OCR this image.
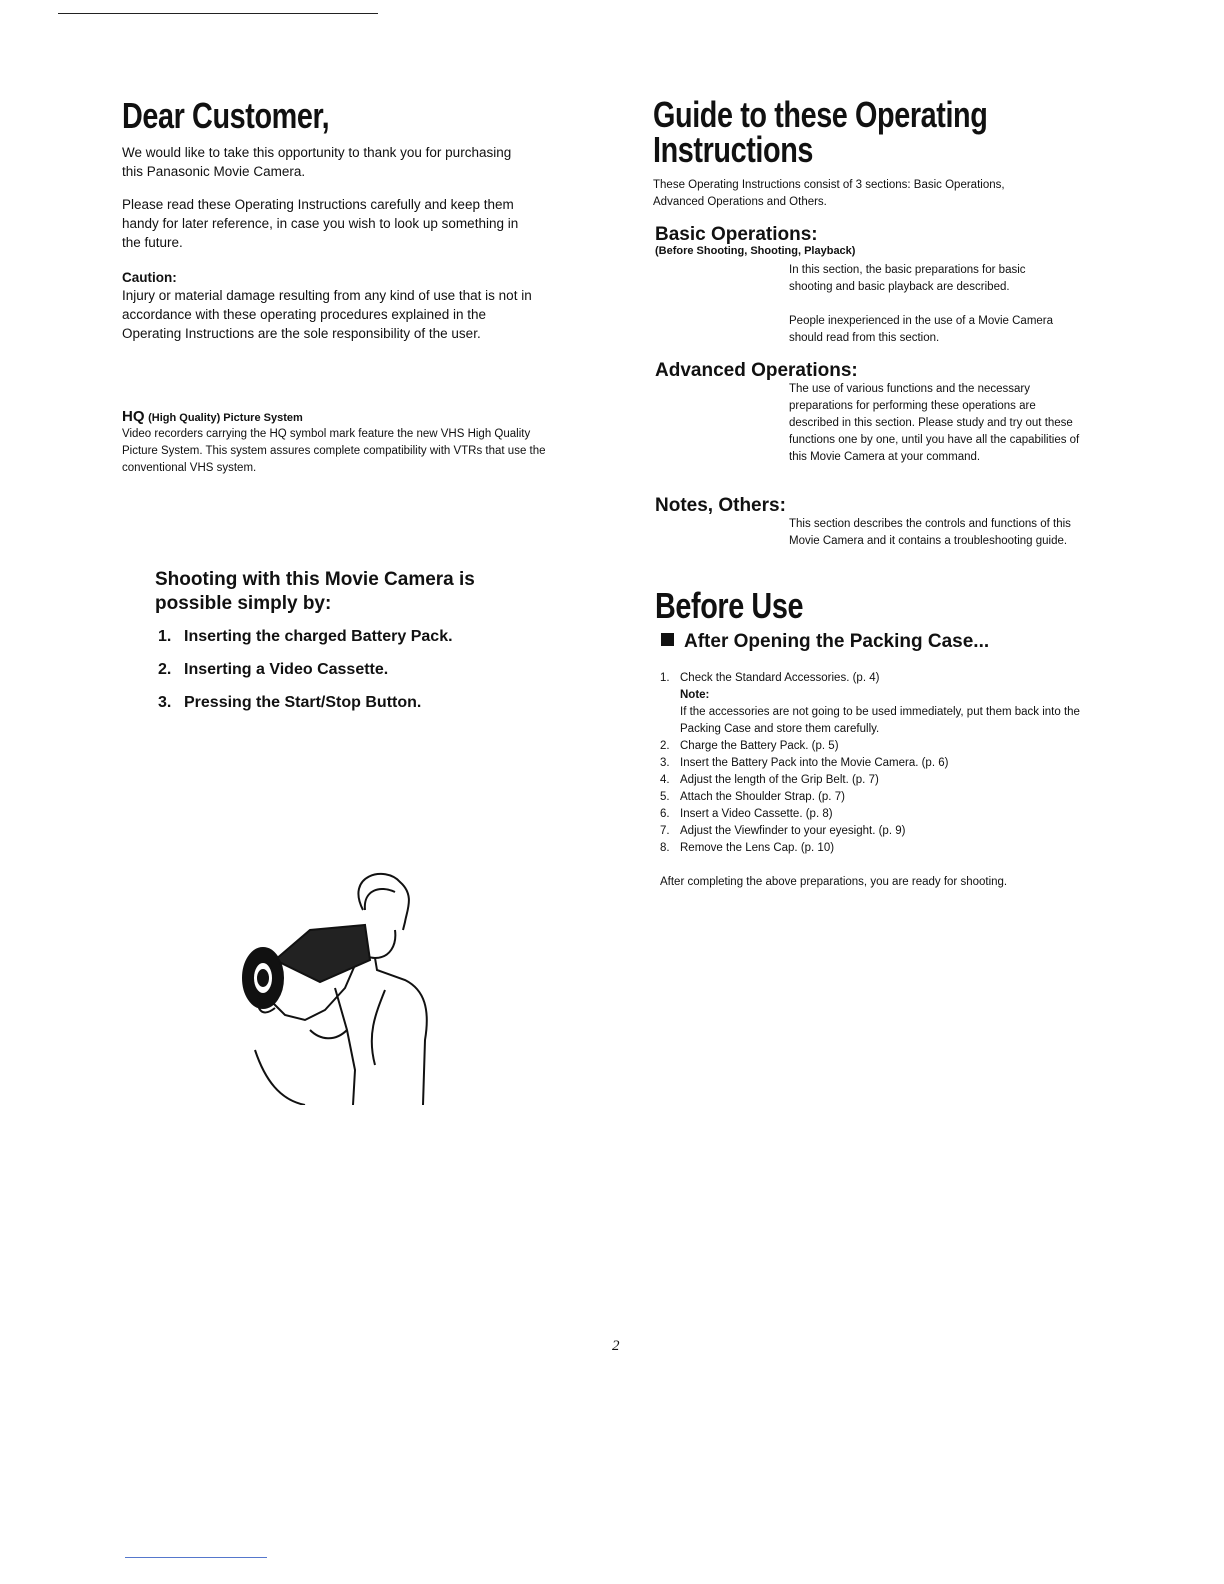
Dear Customer,

We would like to take this opportunity to thank you for purchasing this Panasonic Movie Camera.

Please read these Operating Instructions carefully and keep them handy for later reference, in case you wish to look up something in the future.

Caution:

Injury or material damage resulting from any kind of use that is not in accordance with these operating procedures explained in the Operating Instructions are the sole responsibility of the user.

HQ (High Quality) Picture System

Video recorders carrying the HQ symbol mark feature the new VHS High Quality Picture System. This system assures complete compatibility with VTRs that use the conventional VHS system.

Shooting with this Movie Camera is possible simply by:
1. Inserting the charged Battery Pack.
2. Inserting a Video Cassette.
3. Pressing the Start/Stop Button.
Guide to these Operating
Instructions

These Operating Instructions consist of 3 sections: Basic Operations, Advanced Operations and Others.

Basic Operations:
(Before Shooting, Shooting, Playback)

In this section, the basic preparations for basic shooting and basic playback are described.

People inexperienced in the use of a Movie Camera should read from this section.

Advanced Operations:

The use of various functions and the necessary preparations for performing these operations are described in this section. Please study and try out these functions one by one, until you have all the capabilities of this Movie Camera at your command.

Notes, Others:

This section describes the controls and functions of this Movie Camera and it contains a troubleshooting guide.

Before Use
After Opening the Packing Case...
1. Check the Standard Accessories. (p. 4)
Note:
If the accessories are not going to be used immediately, put them back into the Packing Case and store them carefully.
2. Charge the Battery Pack. (p. 5)
3. Insert the Battery Pack into the Movie Camera. (p. 6)
4. Adjust the length of the Grip Belt. (p. 7)
5. Attach the Shoulder Strap. (p. 7)
6. Insert a Video Cassette. (p. 8)
7. Adjust the Viewfinder to your eyesight. (p. 9)
8. Remove the Lens Cap. (p. 10)

After completing the above preparations, you are ready for shooting.

2
